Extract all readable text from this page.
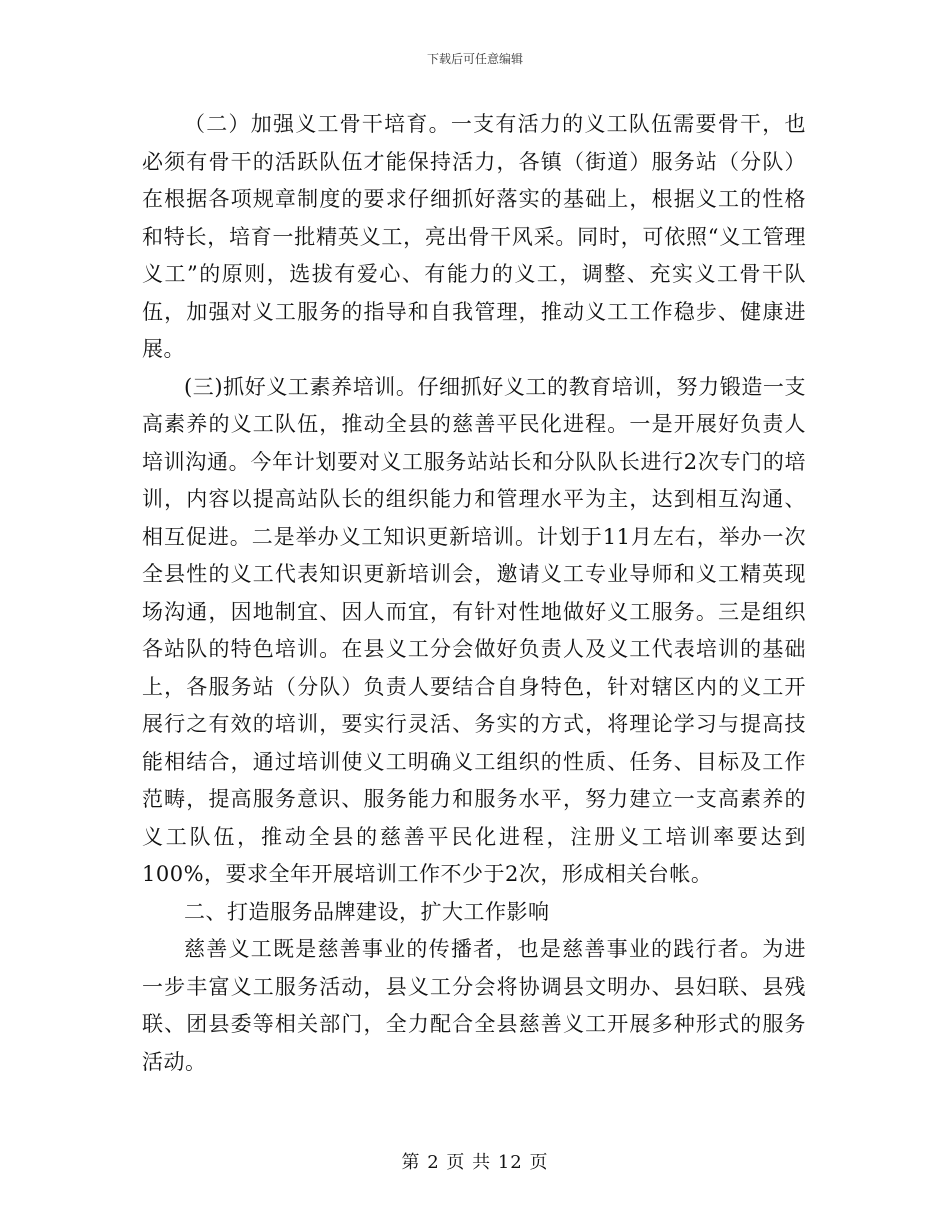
下载后可任意编辑

（二）加强义工骨干培育。一支有活力的义工队伍需要骨干，也必须有骨干的活跃队伍才能保持活力，各镇（街道）服务站（分队）在根据各项规章制度的要求仔细抓好落实的基础上，根据义工的性格和特长，培育一批精英义工，亮出骨干风采。同时，可依照“义工管理义工”的原则，选拔有爱心、有能力的义工，调整、充实义工骨干队伍，加强对义工服务的指导和自我管理，推动义工工作稳步、健康进展。

(三)抓好义工素养培训。仔细抓好义工的教育培训，努力锻造一支高素养的义工队伍，推动全县的慈善平民化进程。一是开展好负责人培训沟通。今年计划要对义工服务站站长和分队队长进行2次专门的培训，内容以提高站队长的组织能力和管理水平为主，达到相互沟通、相互促进。二是举办义工知识更新培训。计划于11月左右，举办一次全县性的义工代表知识更新培训会，邀请义工专业导师和义工精英现场沟通，因地制宜、因人而宜，有针对性地做好义工服务。三是组织各站队的特色培训。在县义工分会做好负责人及义工代表培训的基础上，各服务站（分队）负责人要结合自身特色，针对辖区内的义工开展行之有效的培训，要实行灵活、务实的方式，将理论学习与提高技能相结合，通过培训使义工明确义工组织的性质、任务、目标及工作范畴，提高服务意识、服务能力和服务水平，努力建立一支高素养的义工队伍，推动全县的慈善平民化进程，注册义工培训率要达到100%，要求全年开展培训工作不少于2次，形成相关台帐。

二、打造服务品牌建设，扩大工作影响

慈善义工既是慈善事业的传播者，也是慈善事业的践行者。为进一步丰富义工服务活动，县义工分会将协调县文明办、县妇联、县残联、团县委等相关部门，全力配合全县慈善义工开展多种形式的服务活动。

第 2 页 共 12 页
